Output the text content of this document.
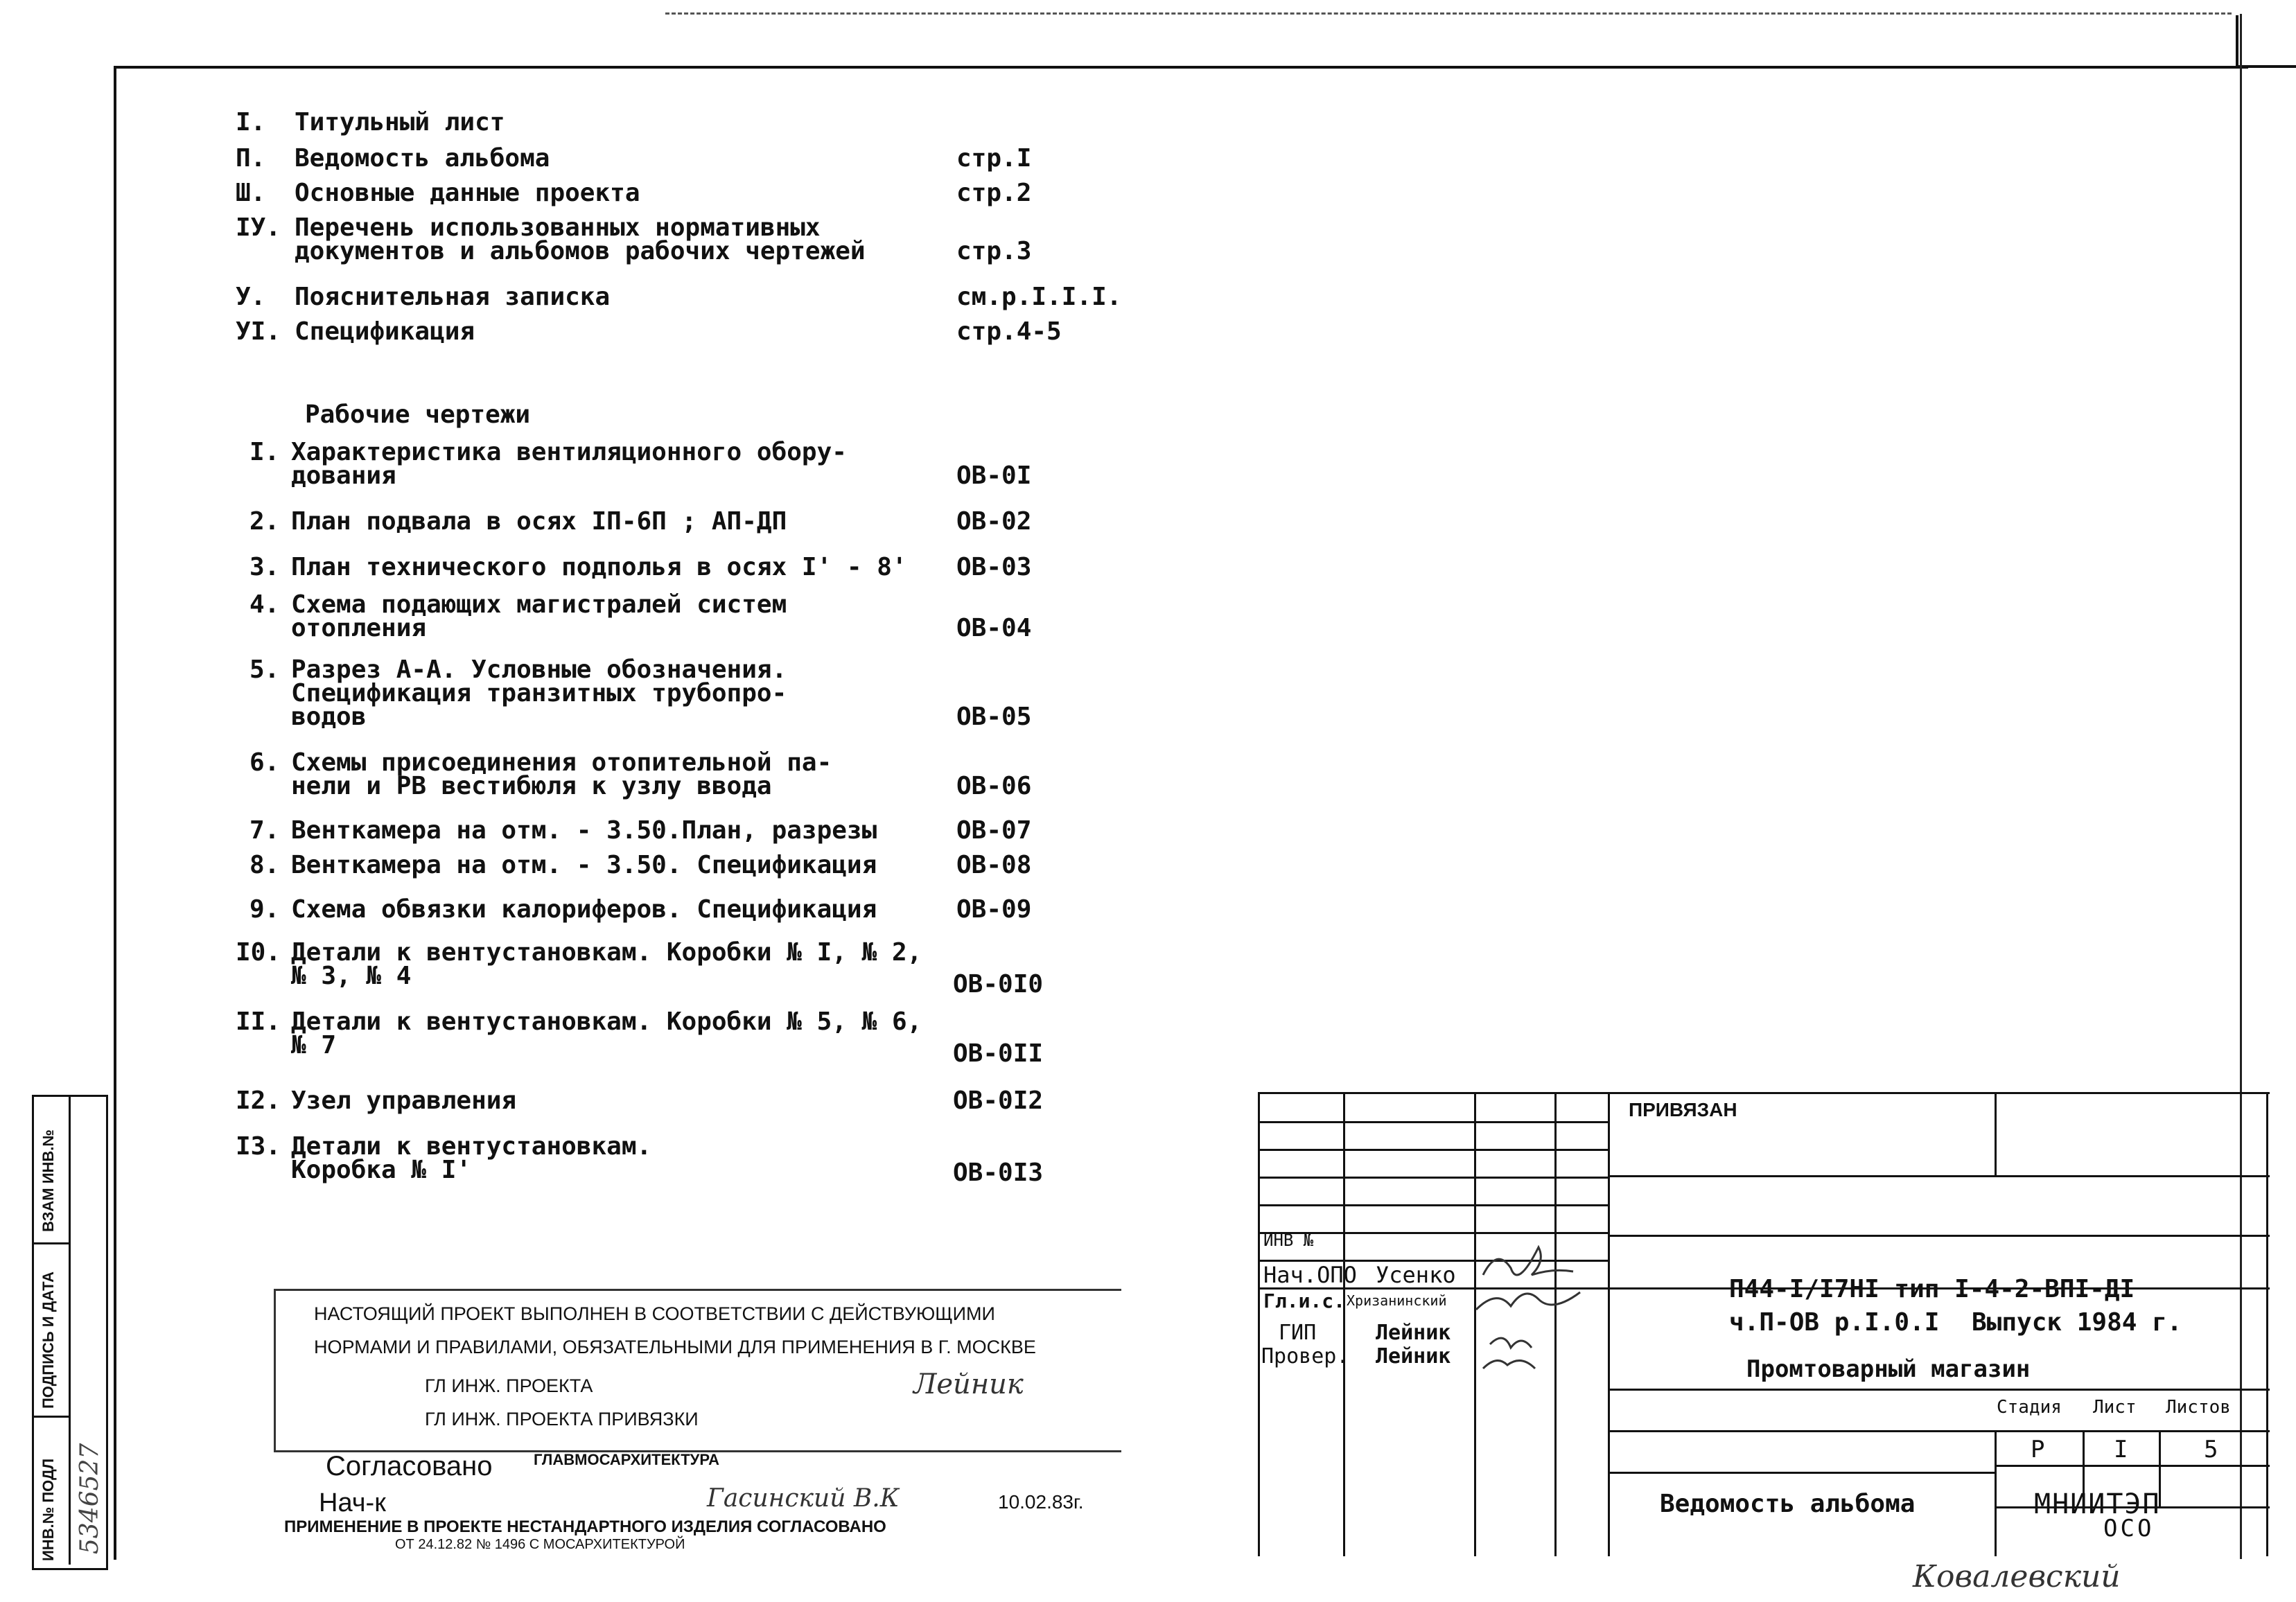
I.	Титульный лист
П.	Ведомость альбома	стр.I
Ш.	Основные данные проекта	стр.2
IУ. Перечень использованных нормативных
документов и альбомов рабочих чертежей	стр.3
У.	Пояснительная записка	см.р.I.I.I.
УI. Спецификация	стр.4-5
Рабочие чертежи
I. Характеристика вентиляционного обору-
дования	ОВ-0I
2. План подвала в осях IП-6П ; АП-ДП	ОВ-02
3. План технического подполья в осях I' - 8'	ОВ-03
4. Схема подающих магистралей систем
отопления	ОВ-04
5. Разрез А-А. Условные обозначения.
Спецификация транзитных трубопро-
водов	ОВ-05
6. Схемы присоединения отопительной па-
нели и РВ вестибюля к узлу ввода	ОВ-06
7. Венткамера на отм. - 3.50.План, разрезы	ОВ-07
8. Венткамера на отм. - 3.50. Спецификация	ОВ-08
9. Схема обвязки калориферов. Спецификация	ОВ-09
I0. Детали к вентустановкам. Коробки № I, № 2,
№ 3, № 4	ОВ-0I0
II. Детали к вентустановкам. Коробки № 5, № 6,
№ 7	ОВ-0II
I2. Узел управления	ОВ-0I2
I3. Детали к вентустановкам.
Коробка № I'	ОВ-0I3
ВЗАМ ИНВ.№
ПОДПИСЬ И ДАТА
ИНВ.№ ПОДЛ 5346527
НАСТОЯЩИЙ ПРОЕКТ ВЫПОЛНЕН В СООТВЕТСТВИИ С ДЕЙСТВУЮЩИМИ
НОРМАМИ И ПРАВИЛАМИ, ОБЯЗАТЕЛЬНЫМИ ДЛЯ ПРИМЕНЕНИЯ В Г. МОСКВЕ
ГЛ ИНЖ. ПРОЕКТА	Лейник
ГЛ ИНЖ. ПРОЕКТА ПРИВЯЗКИ
Согласовано	ГЛАВМОСАРХИТЕКТУРА
Нач-к	Гасинский В.К	10.02.83г.
ПРИМЕНЕНИЕ В ПРОЕКТЕ НЕСТАНДАРТНОГО ИЗДЕЛИЯ СОГЛАСОВАНО
ОТ 24.12.82 № 1496 С МОСАРХИТЕКТУРОЙ
ПРИВЯЗАН
ИНВ №
Нач.ОПО Усенко
Гл.и.с. Хризанинский
ГИП	Лейник
Провер. Лейник
П44-I/I7НI тип I-4-2-ВПI-ДI
ч.П-ОВ р.I.0.I Выпуск 1984 г.
Промтоварный магазин
Стадия Лист Листов
Р	I	5
Ведомость альбома	МНИИТЭП
ОСО
Ковалевский
